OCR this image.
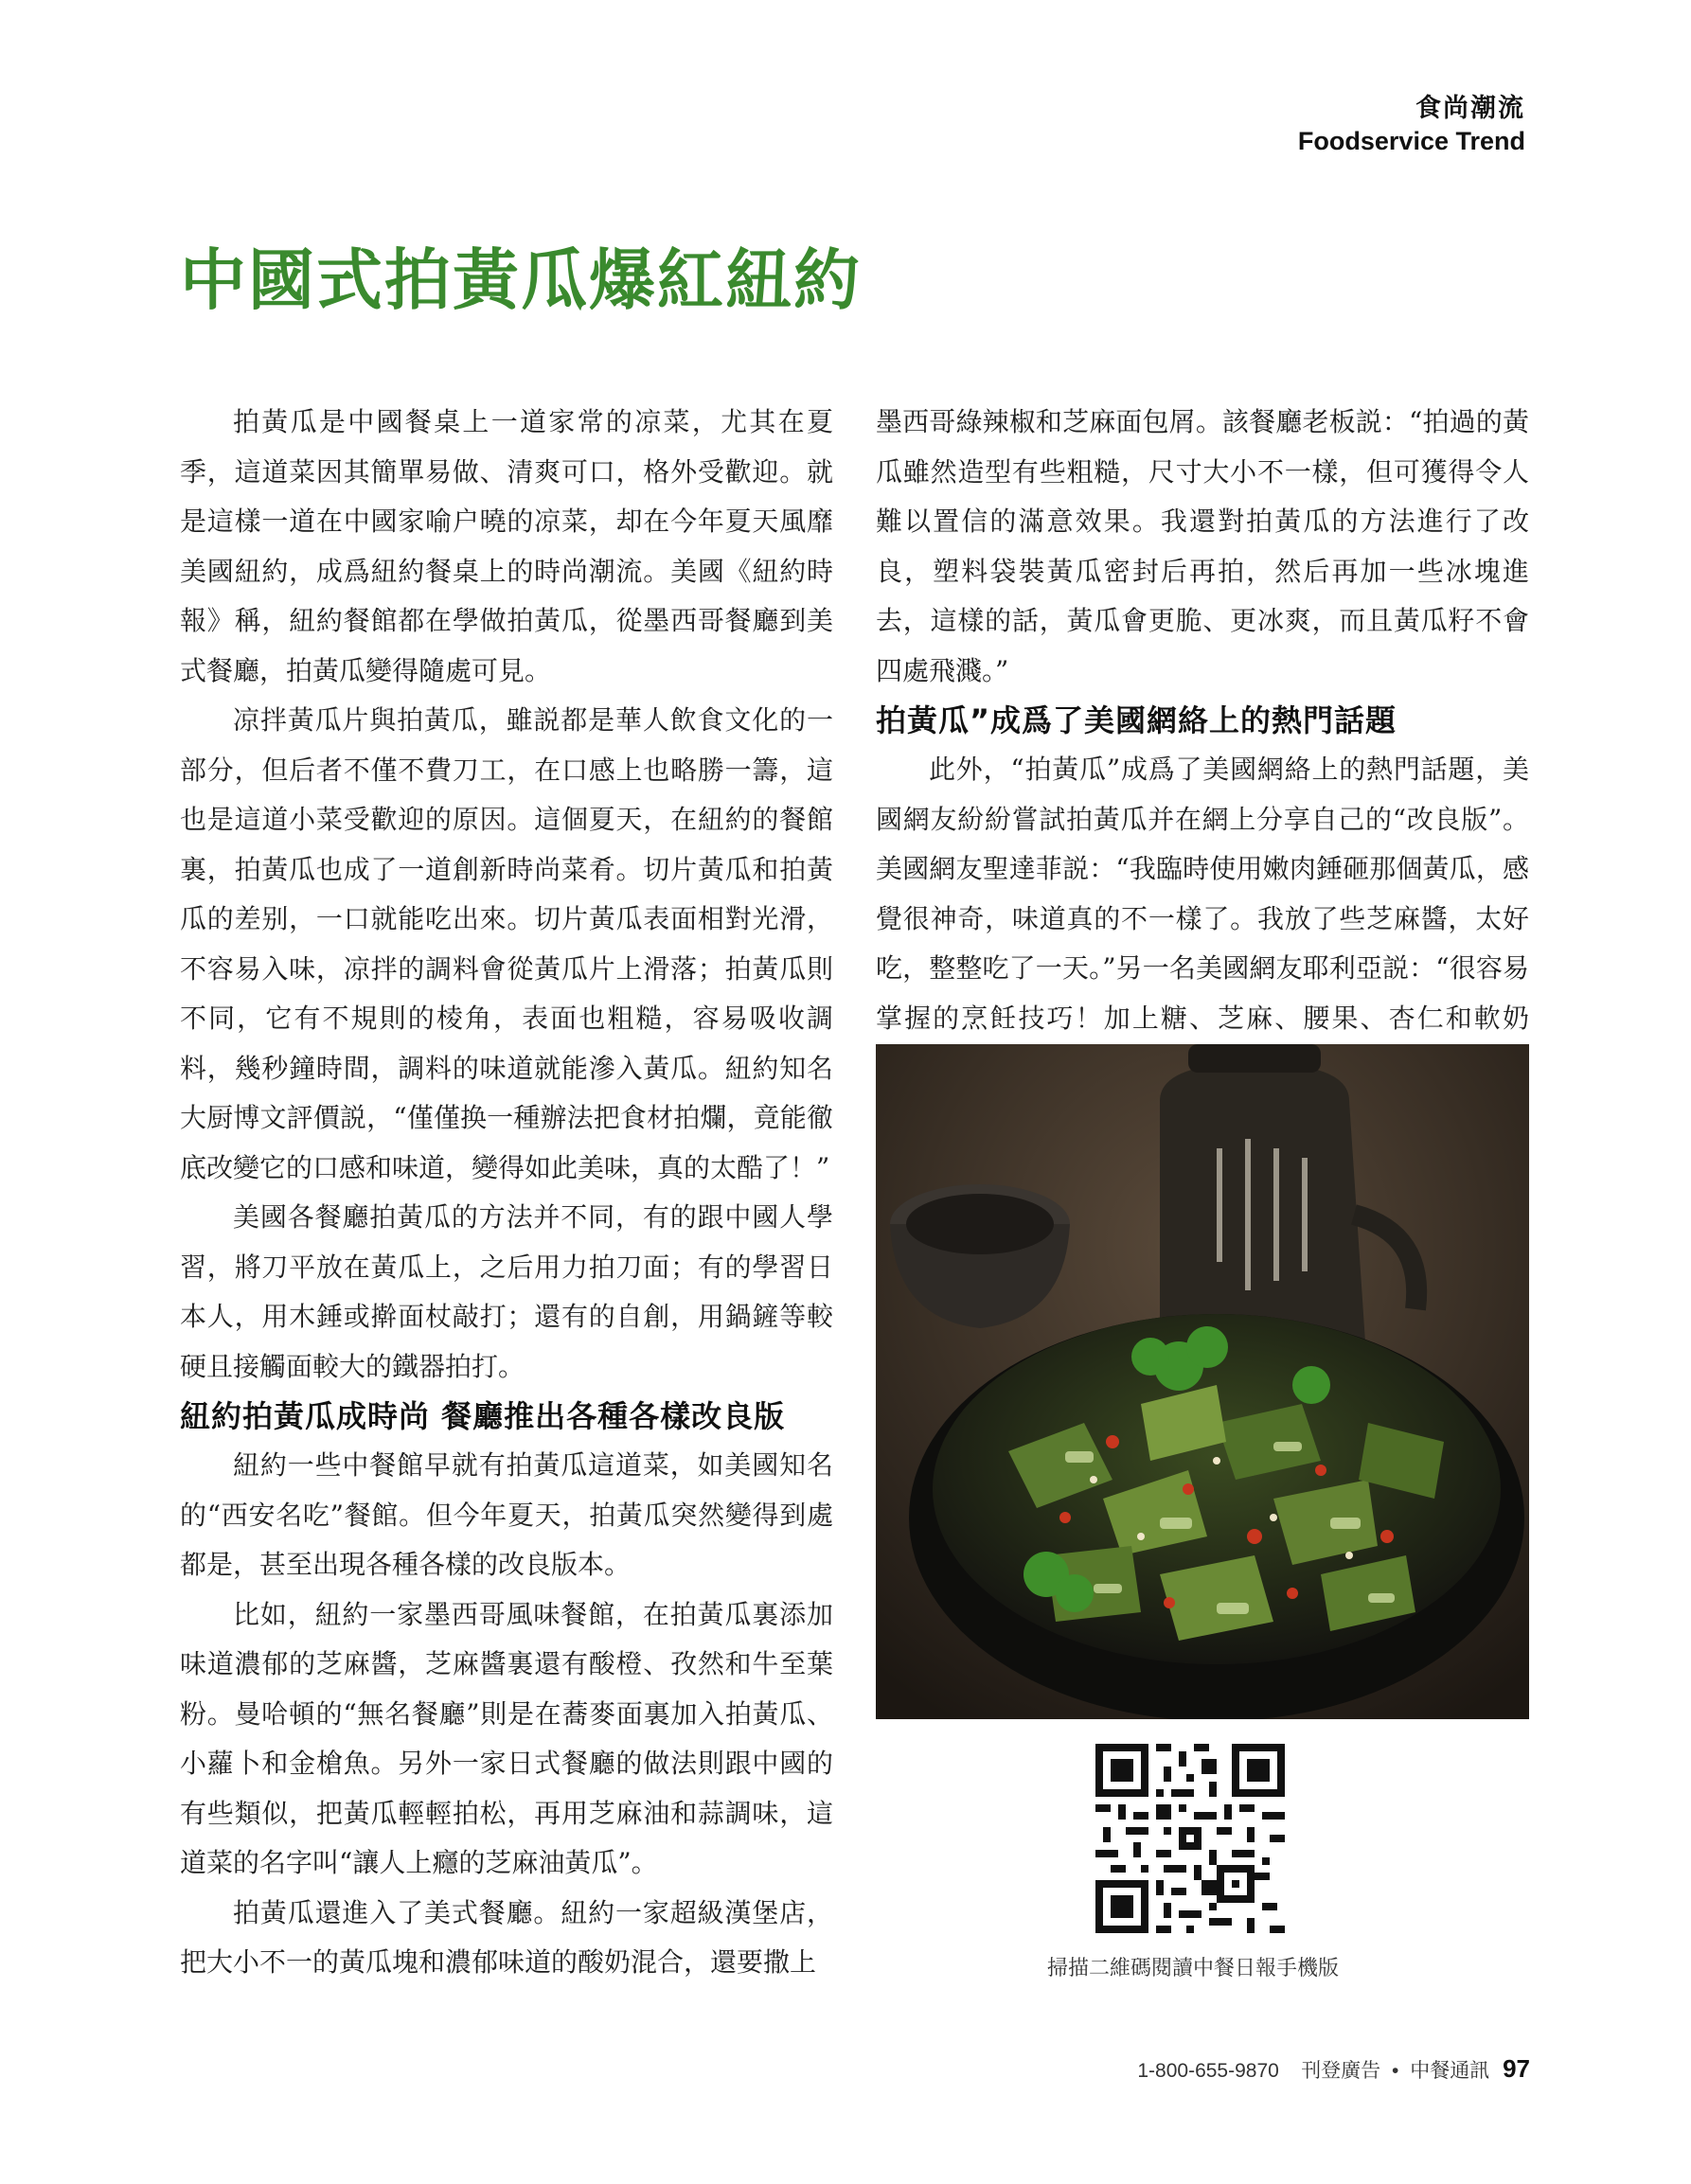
食尚潮流
Foodservice Trend
中國式拍黃瓜爆紅紐約

拍黃瓜是中國餐桌上一道家常的凉菜，尤其在夏季，這道菜因其簡單易做、清爽可口，格外受歡迎。就是這樣一道在中國家喻户曉的凉菜，却在今年夏天風靡美國紐約，成爲紐約餐桌上的時尚潮流。美國《紐約時報》稱，紐約餐館都在學做拍黃瓜，從墨西哥餐廳到美式餐廳，拍黃瓜變得隨處可見。

凉拌黃瓜片與拍黃瓜，雖説都是華人飲食文化的一部分，但后者不僅不費刀工，在口感上也略勝一籌，這也是這道小菜受歡迎的原因。這個夏天，在紐約的餐館裏，拍黃瓜也成了一道創新時尚菜肴。切片黃瓜和拍黃瓜的差别，一口就能吃出來。切片黃瓜表面相對光滑，不容易入味，凉拌的調料會從黃瓜片上滑落；拍黃瓜則不同，它有不規則的棱角，表面也粗糙，容易吸收調料，幾秒鐘時間，調料的味道就能滲入黃瓜。紐約知名大厨博文評價説，“僅僅换一種辦法把食材拍爛，竟能徹底改變它的口感和味道，變得如此美味，真的太酷了！”

美國各餐廳拍黃瓜的方法并不同，有的跟中國人學習，將刀平放在黃瓜上，之后用力拍刀面；有的學習日本人，用木錘或擀面杖敲打；還有的自創，用鍋鏟等較硬且接觸面較大的鐵器拍打。

紐約拍黃瓜成時尚 餐廳推出各種各樣改良版

紐約一些中餐館早就有拍黃瓜這道菜，如美國知名的“西安名吃”餐館。但今年夏天，拍黃瓜突然變得到處都是，甚至出現各種各樣的改良版本。

比如，紐約一家墨西哥風味餐館，在拍黃瓜裏添加味道濃郁的芝麻醬，芝麻醬裏還有酸橙、孜然和牛至葉粉。曼哈頓的“無名餐廳”則是在蕎麥面裏加入拍黃瓜、小蘿卜和金槍魚。另外一家日式餐廳的做法則跟中國的有些類似，把黃瓜輕輕拍松，再用芝麻油和蒜調味，這道菜的名字叫“讓人上癮的芝麻油黃瓜”。

拍黃瓜還進入了美式餐廳。紐約一家超級漢堡店，把大小不一的黃瓜塊和濃郁味道的酸奶混合，還要撒上

墨西哥綠辣椒和芝麻面包屑。該餐廳老板説：“拍過的黃瓜雖然造型有些粗糙，尺寸大小不一樣，但可獲得令人難以置信的滿意效果。我還對拍黃瓜的方法進行了改良，塑料袋裝黃瓜密封后再拍，然后再加一些冰塊進去，這樣的話，黃瓜會更脆、更冰爽，而且黃瓜籽不會四處飛濺。”

拍黃瓜”成爲了美國網絡上的熱門話題

此外，“拍黃瓜”成爲了美國網絡上的熱門話題，美國網友紛紛嘗試拍黃瓜并在網上分享自己的“改良版”。美國網友聖達菲説：“我臨時使用嫩肉錘砸那個黃瓜，感覺很神奇，味道真的不一樣了。我放了些芝麻醬，太好吃，整整吃了一天。”另一名美國網友耶利亞説：“很容易掌握的烹飪技巧！加上糖、芝麻、腰果、杏仁和軟奶

掃描二維碼閱讀中餐日報手機版
1-800-655-9870 刊登廣告 • 中餐通訊 97
